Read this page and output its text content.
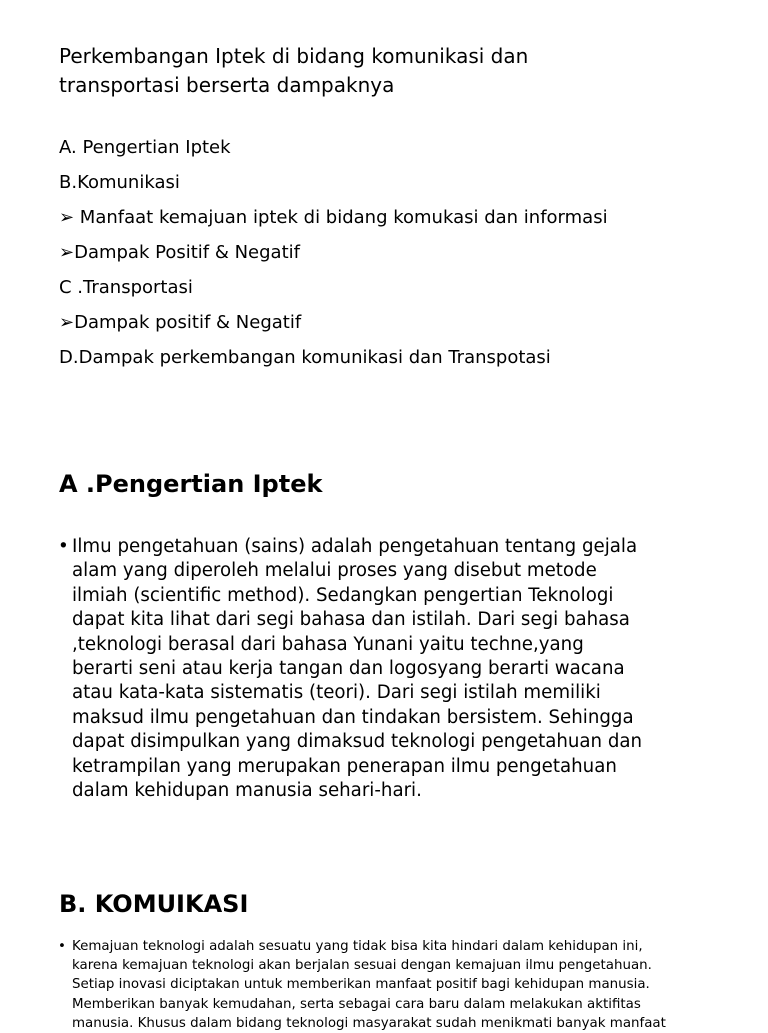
Perkembangan Iptek di bidang komunikasi dan
transportasi berserta dampaknya
A. Pengertian Iptek
B.Komunikasi
➢ Manfaat kemajuan iptek di bidang komukasi dan informasi
➢Dampak Positif & Negatif
C .Transportasi
➢Dampak positif & Negatif
D.Dampak perkembangan komunikasi dan Transpotasi
A .Pengertian Iptek
• Ilmu pengetahuan (sains) adalah pengetahuan tentang gejala
alam yang diperoleh melalui proses yang disebut metode
ilmiah (scientific method). Sedangkan pengertian Teknologi
dapat kita lihat dari segi bahasa dan istilah. Dari segi bahasa
,teknologi berasal dari bahasa Yunani yaitu techne,yang
berarti seni atau kerja tangan dan logosyang berarti wacana
atau kata-kata sistematis (teori). Dari segi istilah memiliki
maksud ilmu pengetahuan dan tindakan bersistem. Sehingga
dapat disimpulkan yang dimaksud teknologi pengetahuan dan
ketrampilan yang merupakan penerapan ilmu pengetahuan
dalam kehidupan manusia sehari-hari.
B. KOMUIKASI
• Kemajuan teknologi adalah sesuatu yang tidak bisa kita hindari dalam kehidupan ini,
karena kemajuan teknologi akan berjalan sesuai dengan kemajuan ilmu pengetahuan.
Setiap inovasi diciptakan untuk memberikan manfaat positif bagi kehidupan manusia.
Memberikan banyak kemudahan, serta sebagai cara baru dalam melakukan aktifitas
manusia. Khusus dalam bidang teknologi masyarakat sudah menikmati banyak manfaat
